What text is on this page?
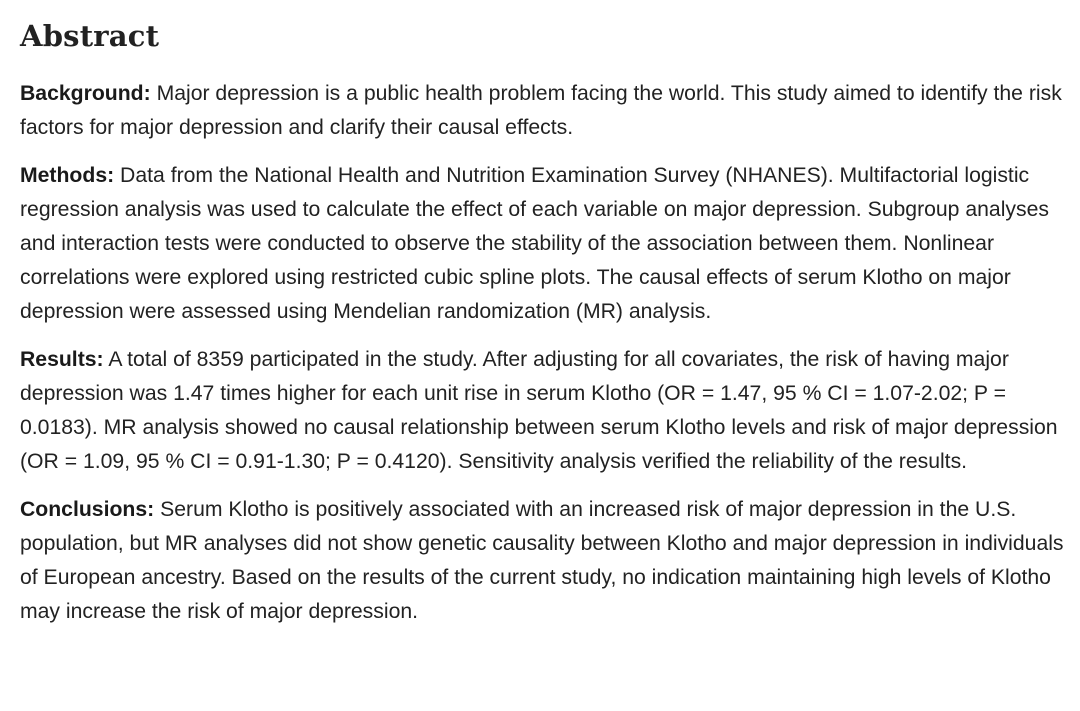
Abstract

Background: Major depression is a public health problem facing the world. This study aimed to identify the risk factors for major depression and clarify their causal effects.

Methods: Data from the National Health and Nutrition Examination Survey (NHANES). Multifactorial logistic regression analysis was used to calculate the effect of each variable on major depression. Subgroup analyses and interaction tests were conducted to observe the stability of the association between them. Nonlinear correlations were explored using restricted cubic spline plots. The causal effects of serum Klotho on major depression were assessed using Mendelian randomization (MR) analysis.

Results: A total of 8359 participated in the study. After adjusting for all covariates, the risk of having major depression was 1.47 times higher for each unit rise in serum Klotho (OR = 1.47, 95 % CI = 1.07-2.02; P = 0.0183). MR analysis showed no causal relationship between serum Klotho levels and risk of major depression (OR = 1.09, 95 % CI = 0.91-1.30; P = 0.4120). Sensitivity analysis verified the reliability of the results.

Conclusions: Serum Klotho is positively associated with an increased risk of major depression in the U.S. population, but MR analyses did not show genetic causality between Klotho and major depression in individuals of European ancestry. Based on the results of the current study, no indication maintaining high levels of Klotho may increase the risk of major depression.
